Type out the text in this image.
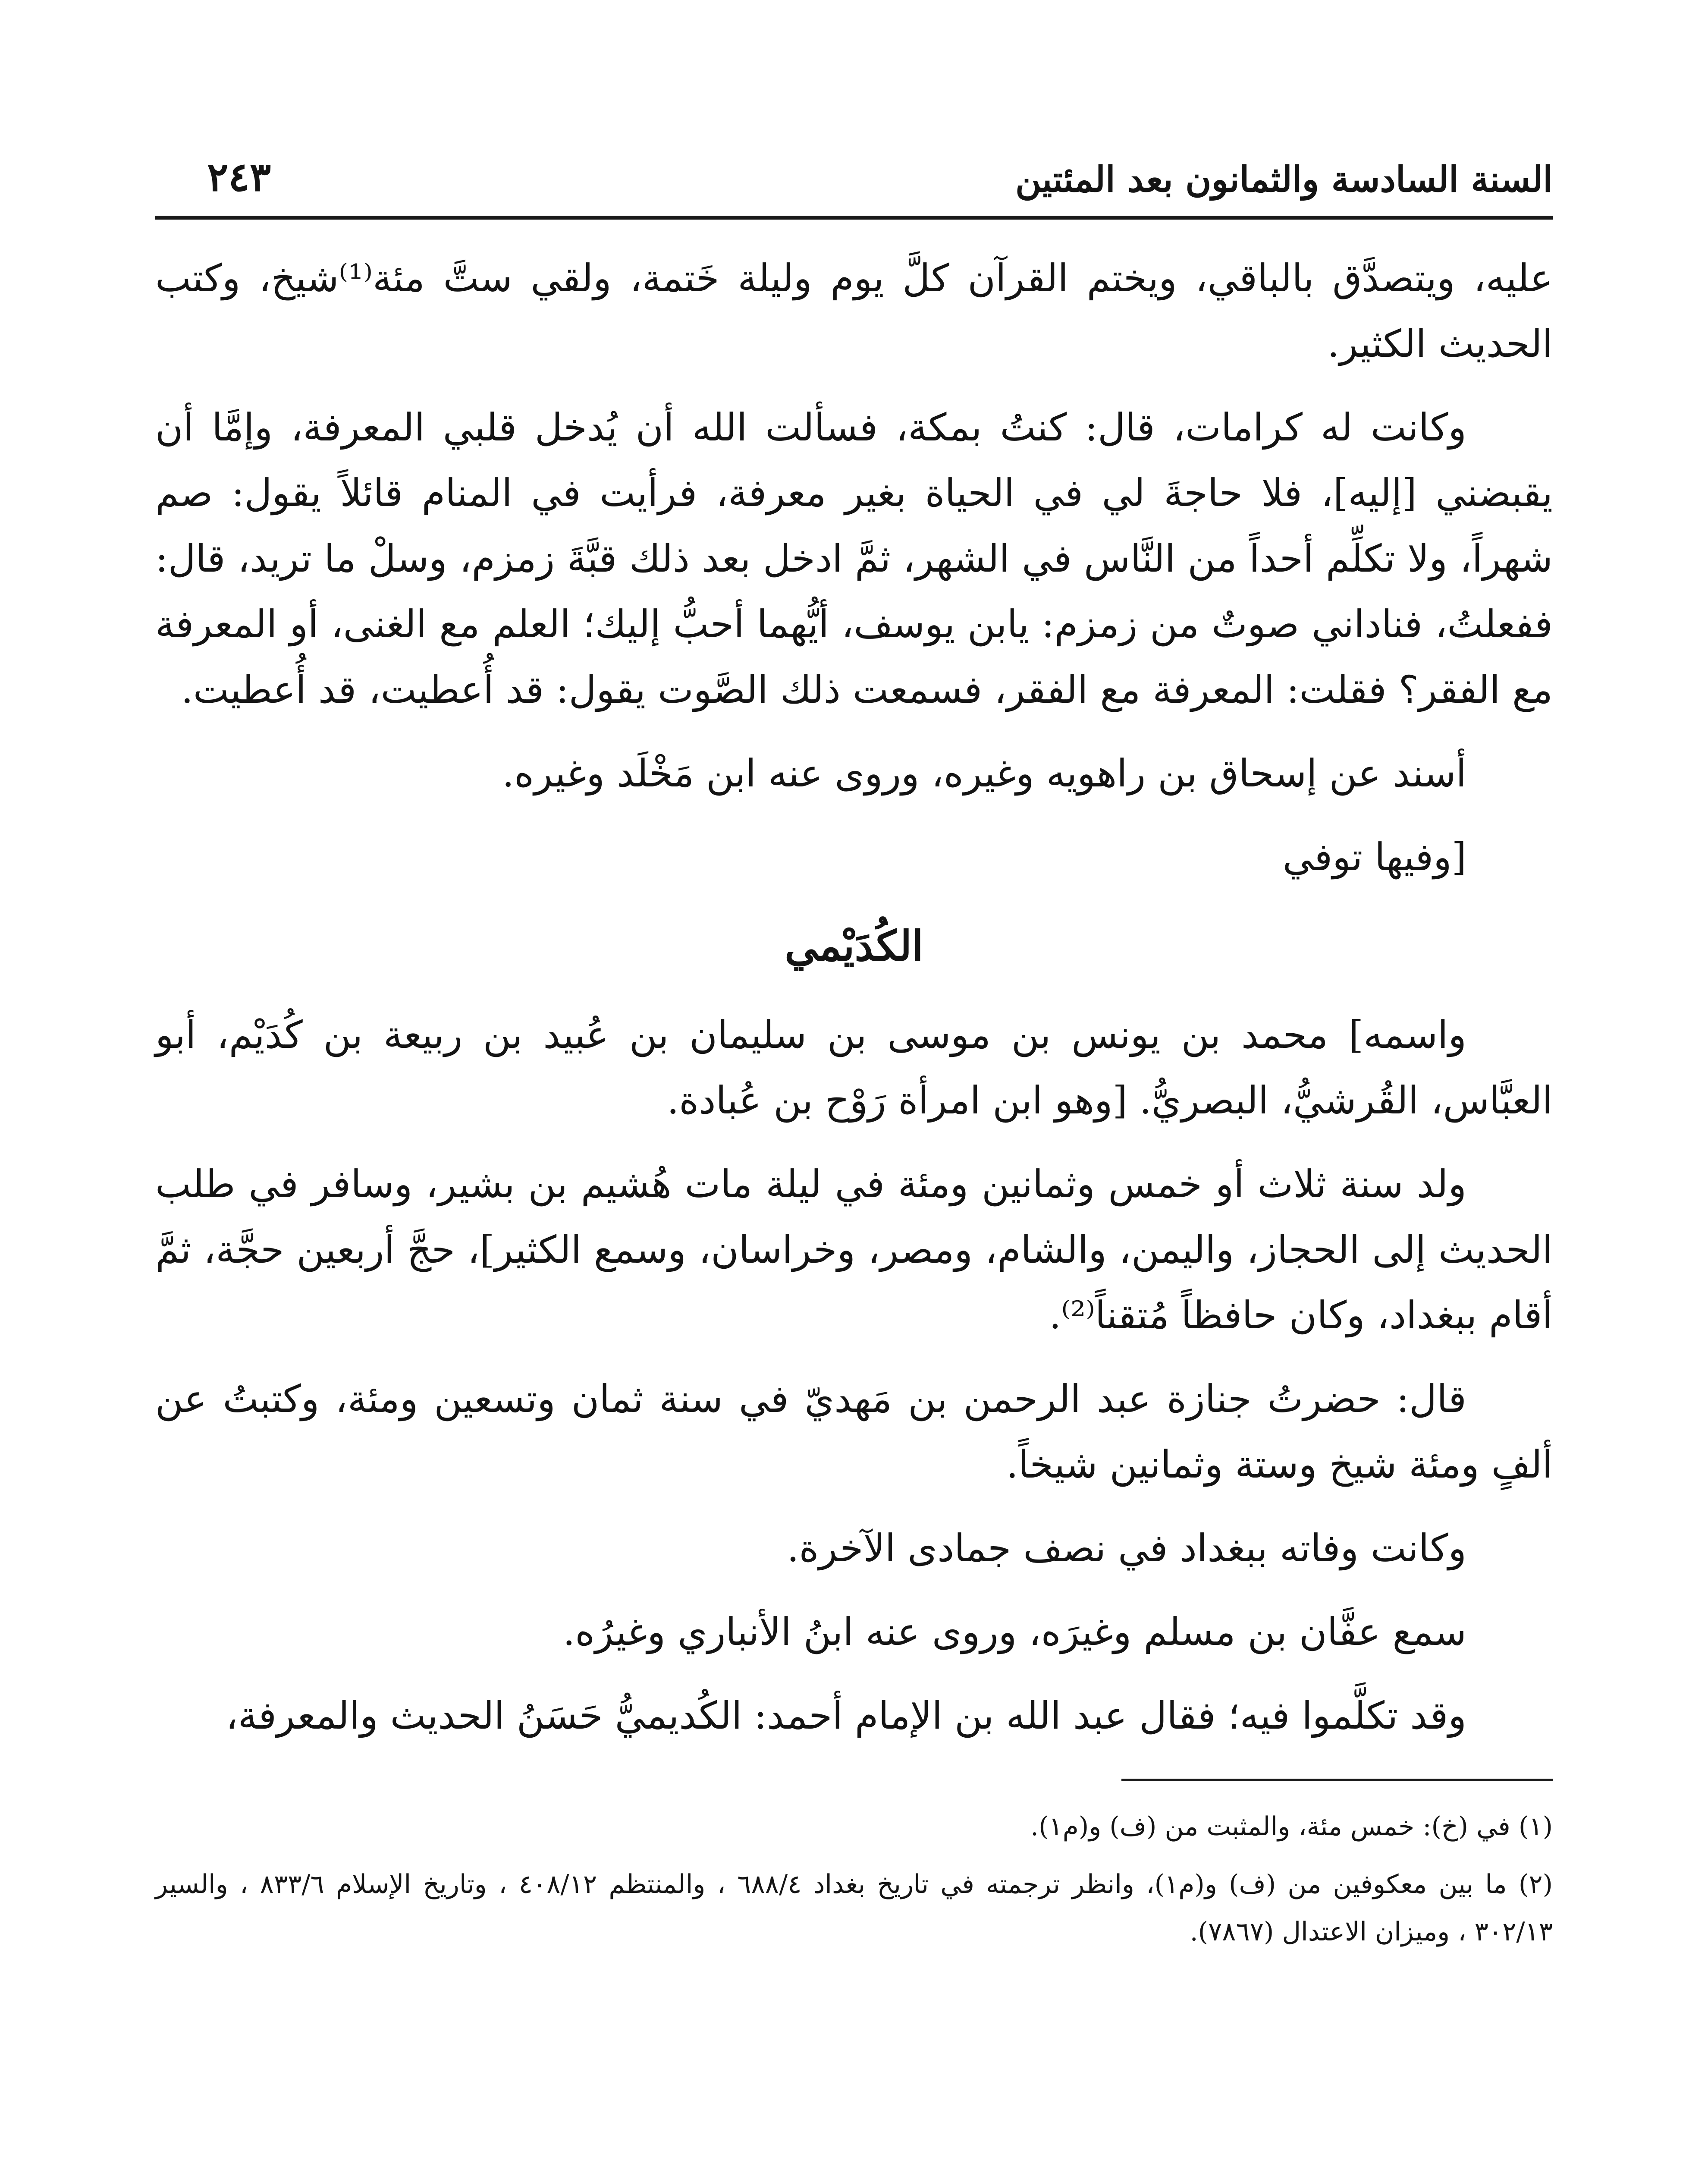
السنة السادسة والثمانون بعد المئتين
٢٤٣

عليه، ويتصدَّق بالباقي، ويختم القرآن كلَّ يوم وليلة خَتمة، ولقي ستَّ مئة⁽¹⁾شيخ، وكتب الحديث الكثير.

وكانت له كرامات، قال: كنتُ بمكة، فسألت الله أن يُدخل قلبي المعرفة، وإمَّا أن يقبضني [إليه]، فلا حاجةَ لي في الحياة بغير معرفة، فرأيت في المنام قائلاً يقول: صم شهراً، ولا تكلِّم أحداً من النَّاس في الشهر، ثمَّ ادخل بعد ذلك قبَّةَ زمزم، وسلْ ما تريد، قال: ففعلتُ، فناداني صوتٌ من زمزم: يابن يوسف، أيُّهما أحبُّ إليك؛ العلم مع الغنى، أو المعرفة مع الفقر؟ فقلت: المعرفة مع الفقر، فسمعت ذلك الصَّوت يقول: قد أُعطيت، قد أُعطيت.

أسند عن إسحاق بن راهويه وغيره، وروى عنه ابن مَخْلَد وغيره.

[وفيها توفي

الكُدَيْمي

واسمه] محمد بن يونس بن موسى بن سليمان بن عُبيد بن ربيعة بن كُدَيْم، أبو العبَّاس، القُرشيُّ، البصريُّ. [وهو ابن امرأة رَوْح بن عُبادة.

ولد سنة ثلاث أو خمس وثمانين ومئة في ليلة مات هُشيم بن بشير، وسافر في طلب الحديث إلى الحجاز، واليمن، والشام، ومصر، وخراسان، وسمع الكثير]، حجَّ أربعين حجَّة، ثمَّ أقام ببغداد، وكان حافظاً مُتقناً⁽²⁾.

قال: حضرتُ جنازة عبد الرحمن بن مَهديّ في سنة ثمان وتسعين ومئة، وكتبتُ عن ألفٍ ومئة شيخ وستة وثمانين شيخاً.

وكانت وفاته ببغداد في نصف جمادى الآخرة.

سمع عفَّان بن مسلم وغيرَه، وروى عنه ابنُ الأنباري وغيرُه.

وقد تكلَّموا فيه؛ فقال عبد الله بن الإمام أحمد: الكُديميُّ حَسَنُ الحديث والمعرفة،

(١) في (خ): خمس مئة، والمثبت من (ف) و(م١).

(٢) ما بين معكوفين من (ف) و(م١)، وانظر ترجمته في تاريخ بغداد ٦٨٨/٤ ، والمنتظم ٤٠٨/١٢ ، وتاريخ الإسلام ٨٣٣/٦ ، والسير ٣٠٢/١٣ ، وميزان الاعتدال (٧٨٦٧).
